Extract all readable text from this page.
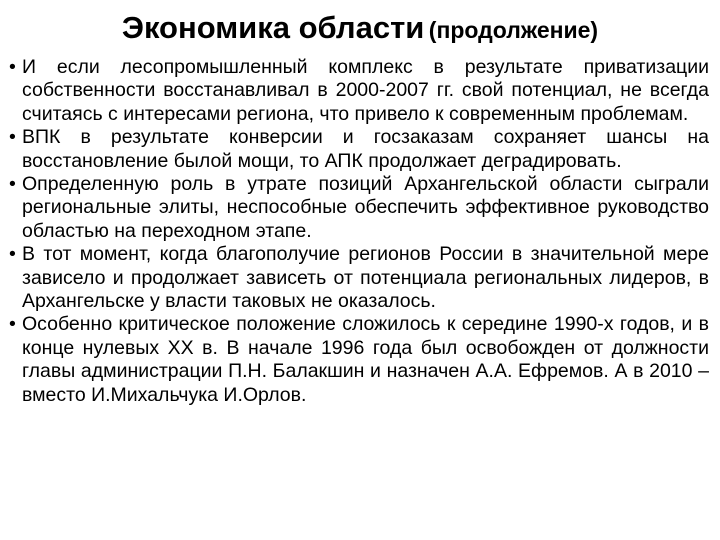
Экономика области (продолжение)
• И если лесопромышленный комплекс в результате приватизации собственности восстанавливал в 2000-2007 гг. свой потенциал, не всегда считаясь с интересами региона, что привело к современным проблемам.
• ВПК в результате конверсии и госзаказам сохраняет шансы на восстановление былой мощи, то АПК продолжает деградировать.
• Определенную роль в утрате позиций Архангельской области сыграли региональные элиты, неспособные обеспечить эффективное руководство областью на переходном этапе.
• В тот момент, когда благополучие регионов России в значительной мере зависело и продолжает зависеть от потенциала региональных лидеров, в Архангельске у власти таковых не оказалось.
• Особенно критическое положение сложилось к середине 1990-х годов, и в конце нулевых XX в. В начале 1996 года был освобожден от должности главы администрации П.Н. Балакшин и назначен А.А. Ефремов. А в 2010 – вместо И.Михальчука И.Орлов.
